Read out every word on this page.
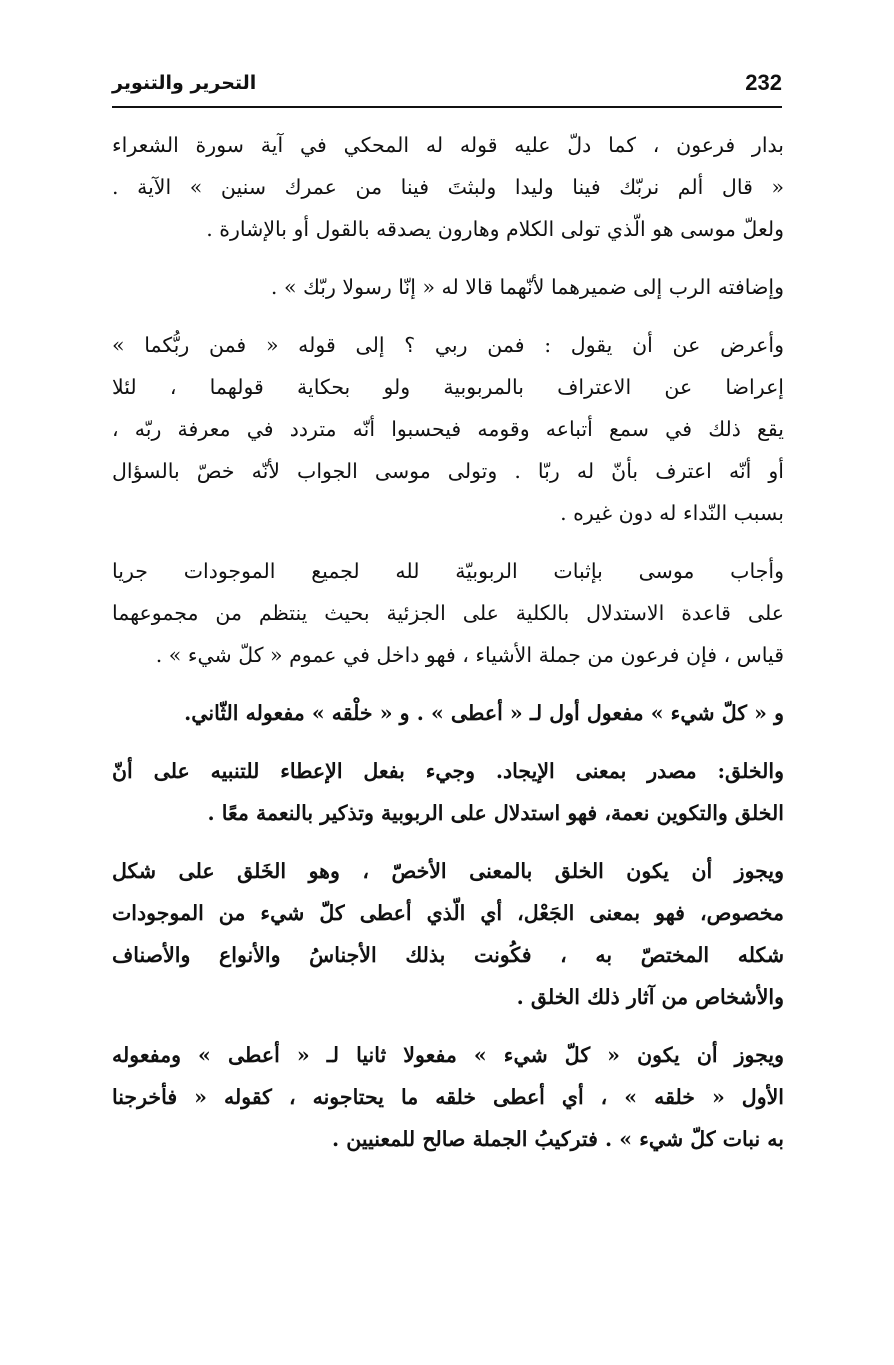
التحرير والتنوير	232

بدار فرعون ، كما دلّ عليه قوله له المحكي في آية سورة الشعراء
« قال ألم نربّك فينا وليدا ولبثتَ فينا من عمرك سنين » الآية .
ولعلّ موسى هو الّذي تولى الكلام وهارون يصدقه بالقول أو بالإشارة .

وإضافته الرب إلى ضميرهما لأنّهما قالا له « إنّا رسولا ربّك » .

وأعرض عن أن يقول : فمن ربي ؟ إلى قوله « فمن ربُّكما »
إعراضا عن الاعتراف بالمربوبية ولو بحكاية قولهما ، لئلا
يقع ذلك في سمع أتباعه وقومه فيحسبوا أنّه متردد في معرفة ربّه ،
أو أنّه اعترف بأنّ له ربّا . وتولى موسى الجواب لأنّه خصّ بالسؤال
بسبب النّداء له دون غيره .

وأجاب موسى بإثبات الربوبيّة لله لجميع الموجودات جريا
على قاعدة الاستدلال بالكلية على الجزئية بحيث ينتظم من مجموعهما
قياس ، فإن فرعون من جملة الأشياء ، فهو داخل في عموم « كلّ شيء » .

و « كلّ شيء » مفعول أول لـ « أعطى » . و « خلْقه » مفعوله الثّاني.

والخلق: مصدر بمعنى الإيجاد. وجيء بفعل الإعطاء للتنبيه على أنّ
الخلق والتكوين نعمة، فهو استدلال على الربوبية وتذكير بالنعمة معًا .

ويجوز أن يكون الخلق بالمعنى الأخصّ ، وهو الخَلق على شكل
مخصوص، فهو بمعنى الجَعْل، أي الّذي أعطى كلّ شيء من الموجودات
شكله المختصّ به ، فكُونت بذلك الأجناسُ والأنواع والأصناف
والأشخاص من آثار ذلك الخلق .

ويجوز أن يكون « كلّ شيء » مفعولا ثانيا لـ « أعطى » ومفعوله
الأول « خلقه » ، أي أعطى خلقه ما يحتاجونه ، كقوله « فأخرجنا
به نبات كلّ شيء » . فتركيبُ الجملة صالح للمعنيين .
